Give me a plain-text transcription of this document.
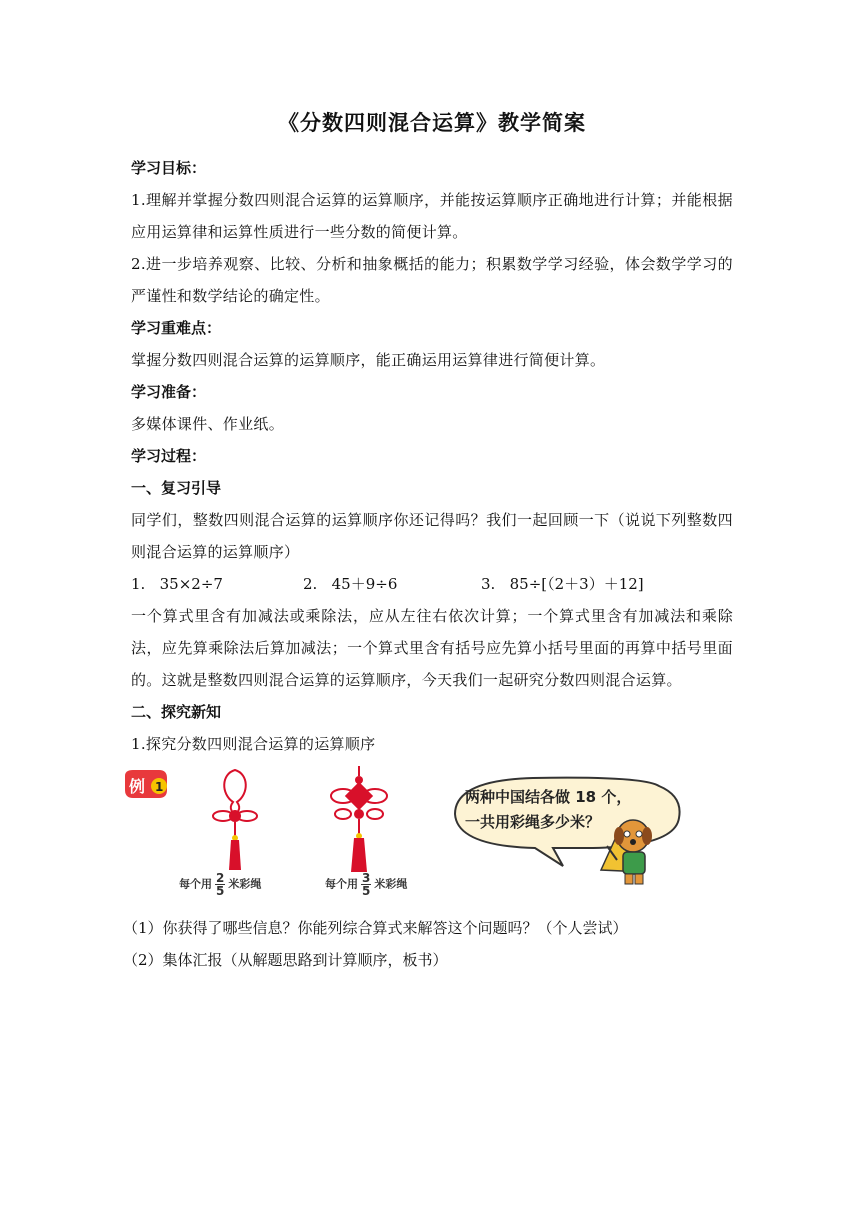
《分数四则混合运算》教学简案

学习目标：

1.理解并掌握分数四则混合运算的运算顺序，并能按运算顺序正确地进行计算；并能根据应用运算律和运算性质进行一些分数的简便计算。

2.进一步培养观察、比较、分析和抽象概括的能力；积累数学学习经验，体会数学学习的严谨性和数学结论的确定性。

学习重难点：

掌握分数四则混合运算的运算顺序，能正确运用运算律进行简便计算。

学习准备：

多媒体课件、作业纸。

学习过程：

一、复习引导

同学们，整数四则混合运算的运算顺序你还记得吗？我们一起回顾一下（说说下列整数四则混合运算的运算顺序）

1.   35×2÷7	2.   45＋9÷6	3.   85÷[（2＋3）＋12]

一个算式里含有加减法或乘除法，应从左往右依次计算；一个算式里含有加减法和乘除法，应先算乘除法后算加减法；一个算式里含有括号应先算小括号里面的再算中括号里面的。这就是整数四则混合运算的运算顺序，今天我们一起研究分数四则混合运算。

二、探究新知

1.探究分数四则混合运算的运算顺序

例 1
两种中国结各做 18 个，
一共用彩绳多少米？
每个用 $\frac{2}{5}$ 米彩绳	每个用 $\frac{3}{5}$ 米彩绳

（1）你获得了哪些信息？你能列综合算式来解答这个问题吗？（个人尝试）

（2）集体汇报（从解题思路到计算顺序，板书）
